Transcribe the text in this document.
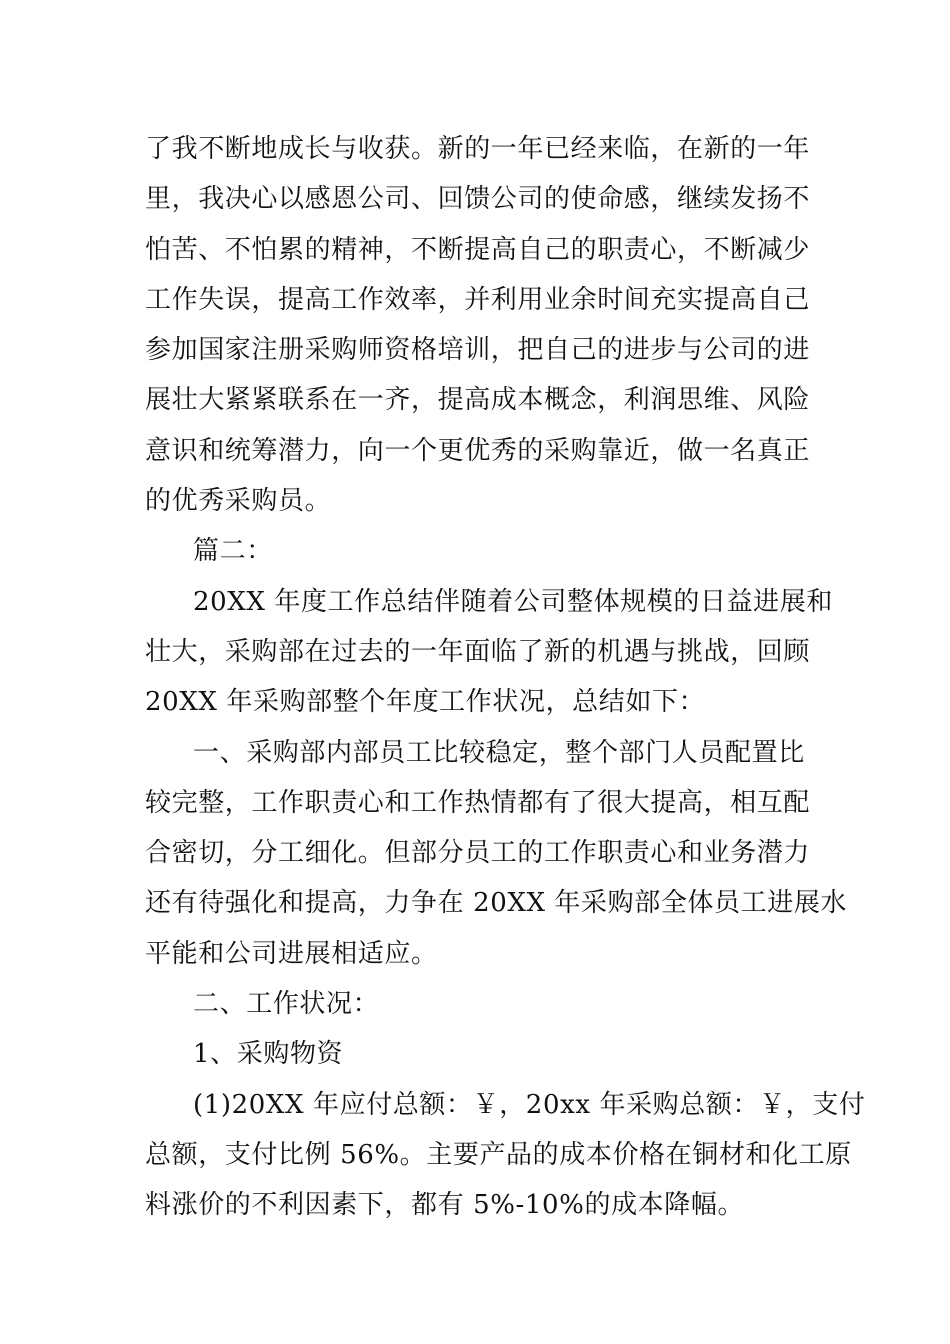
了我不断地成长与收获。新的一年已经来临，在新的一年
里，我决心以感恩公司、回馈公司的使命感，继续发扬不
怕苦、不怕累的精神，不断提高自己的职责心，不断减少
工作失误，提高工作效率，并利用业余时间充实提高自己
参加国家注册采购师资格培训，把自己的进步与公司的进
展壮大紧紧联系在一齐，提高成本概念，利润思维、风险
意识和统筹潜力，向一个更优秀的采购靠近，做一名真正
的优秀采购员。
篇二：
20XX 年度工作总结伴随着公司整体规模的日益进展和
壮大，采购部在过去的一年面临了新的机遇与挑战，回顾
20XX 年采购部整个年度工作状况，总结如下：
一、采购部内部员工比较稳定，整个部门人员配置比
较完整，工作职责心和工作热情都有了很大提高，相互配
合密切，分工细化。但部分员工的工作职责心和业务潜力
还有待强化和提高，力争在 20XX 年采购部全体员工进展水
平能和公司进展相适应。
二、工作状况：
1、采购物资
(1)20XX 年应付总额：￥，20xx 年采购总额：￥，支付
总额，支付比例 56%。主要产品的成本价格在铜材和化工原
料涨价的不利因素下，都有 5%-10%的成本降幅。
